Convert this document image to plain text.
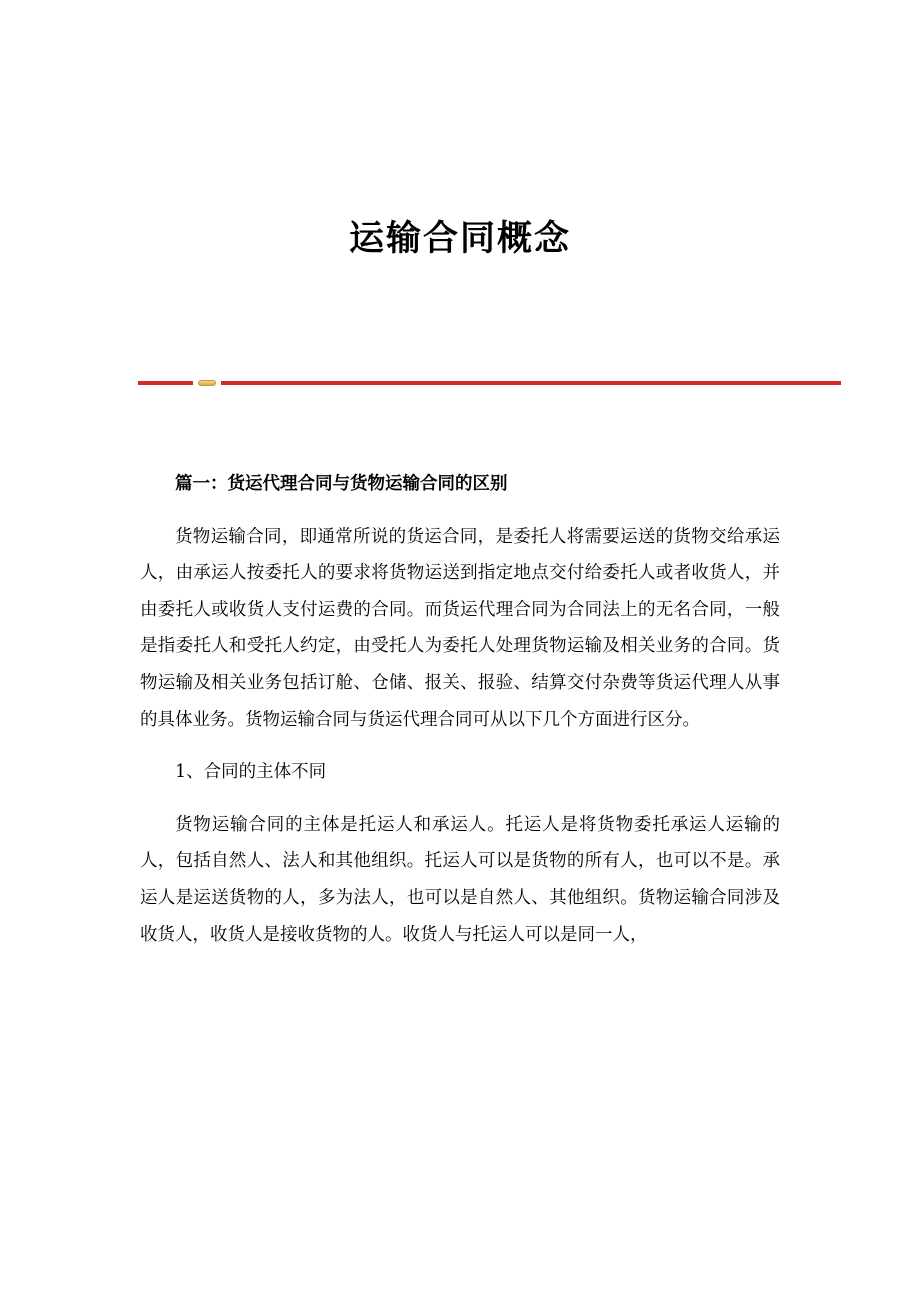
运输合同概念

篇一：货运代理合同与货物运输合同的区别

货物运输合同，即通常所说的货运合同，是委托人将需要运送的货物交给承运人，由承运人按委托人的要求将货物运送到指定地点交付给委托人或者收货人，并由委托人或收货人支付运费的合同。而货运代理合同为合同法上的无名合同，一般是指委托人和受托人约定，由受托人为委托人处理货物运输及相关业务的合同。货物运输及相关业务包括订舱、仓储、报关、报验、结算交付杂费等货运代理人从事的具体业务。货物运输合同与货运代理合同可从以下几个方面进行区分。

1、合同的主体不同

货物运输合同的主体是托运人和承运人。托运人是将货物委托承运人运输的人，包括自然人、法人和其他组织。托运人可以是货物的所有人，也可以不是。承运人是运送货物的人，多为法人，也可以是自然人、其他组织。货物运输合同涉及收货人，收货人是接收货物的人。收货人与托运人可以是同一人，
